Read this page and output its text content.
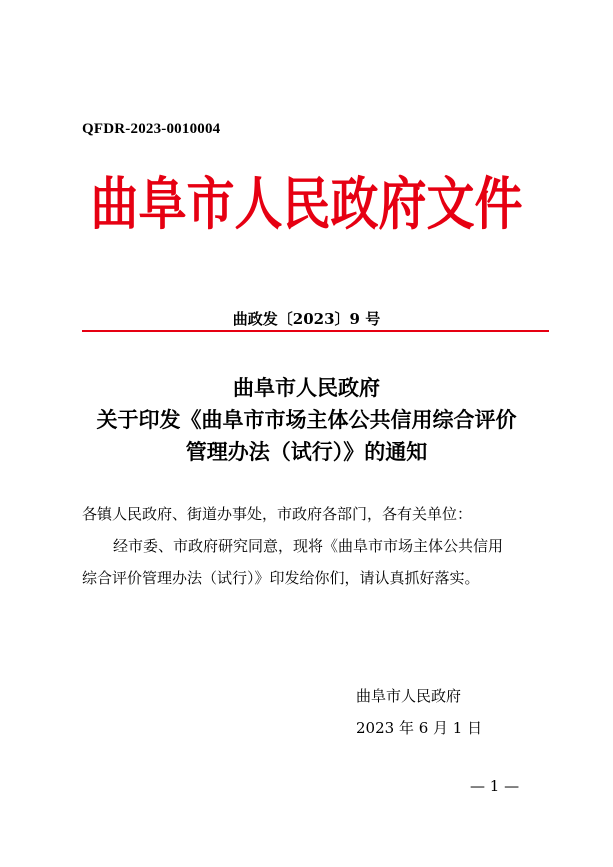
QFDR-2023-0010004
曲阜市人民政府文件
曲政发〔2023〕9 号
曲阜市人民政府
关于印发《曲阜市市场主体公共信用综合评价
管理办法（试行）》的通知

各镇人民政府、街道办事处，市政府各部门，各有关单位：

经市委、市政府研究同意，现将《曲阜市市场主体公共信用

综合评价管理办法（试行）》印发给你们，请认真抓好落实。

曲阜市人民政府
2023 年 6 月 1 日
— 1 —
